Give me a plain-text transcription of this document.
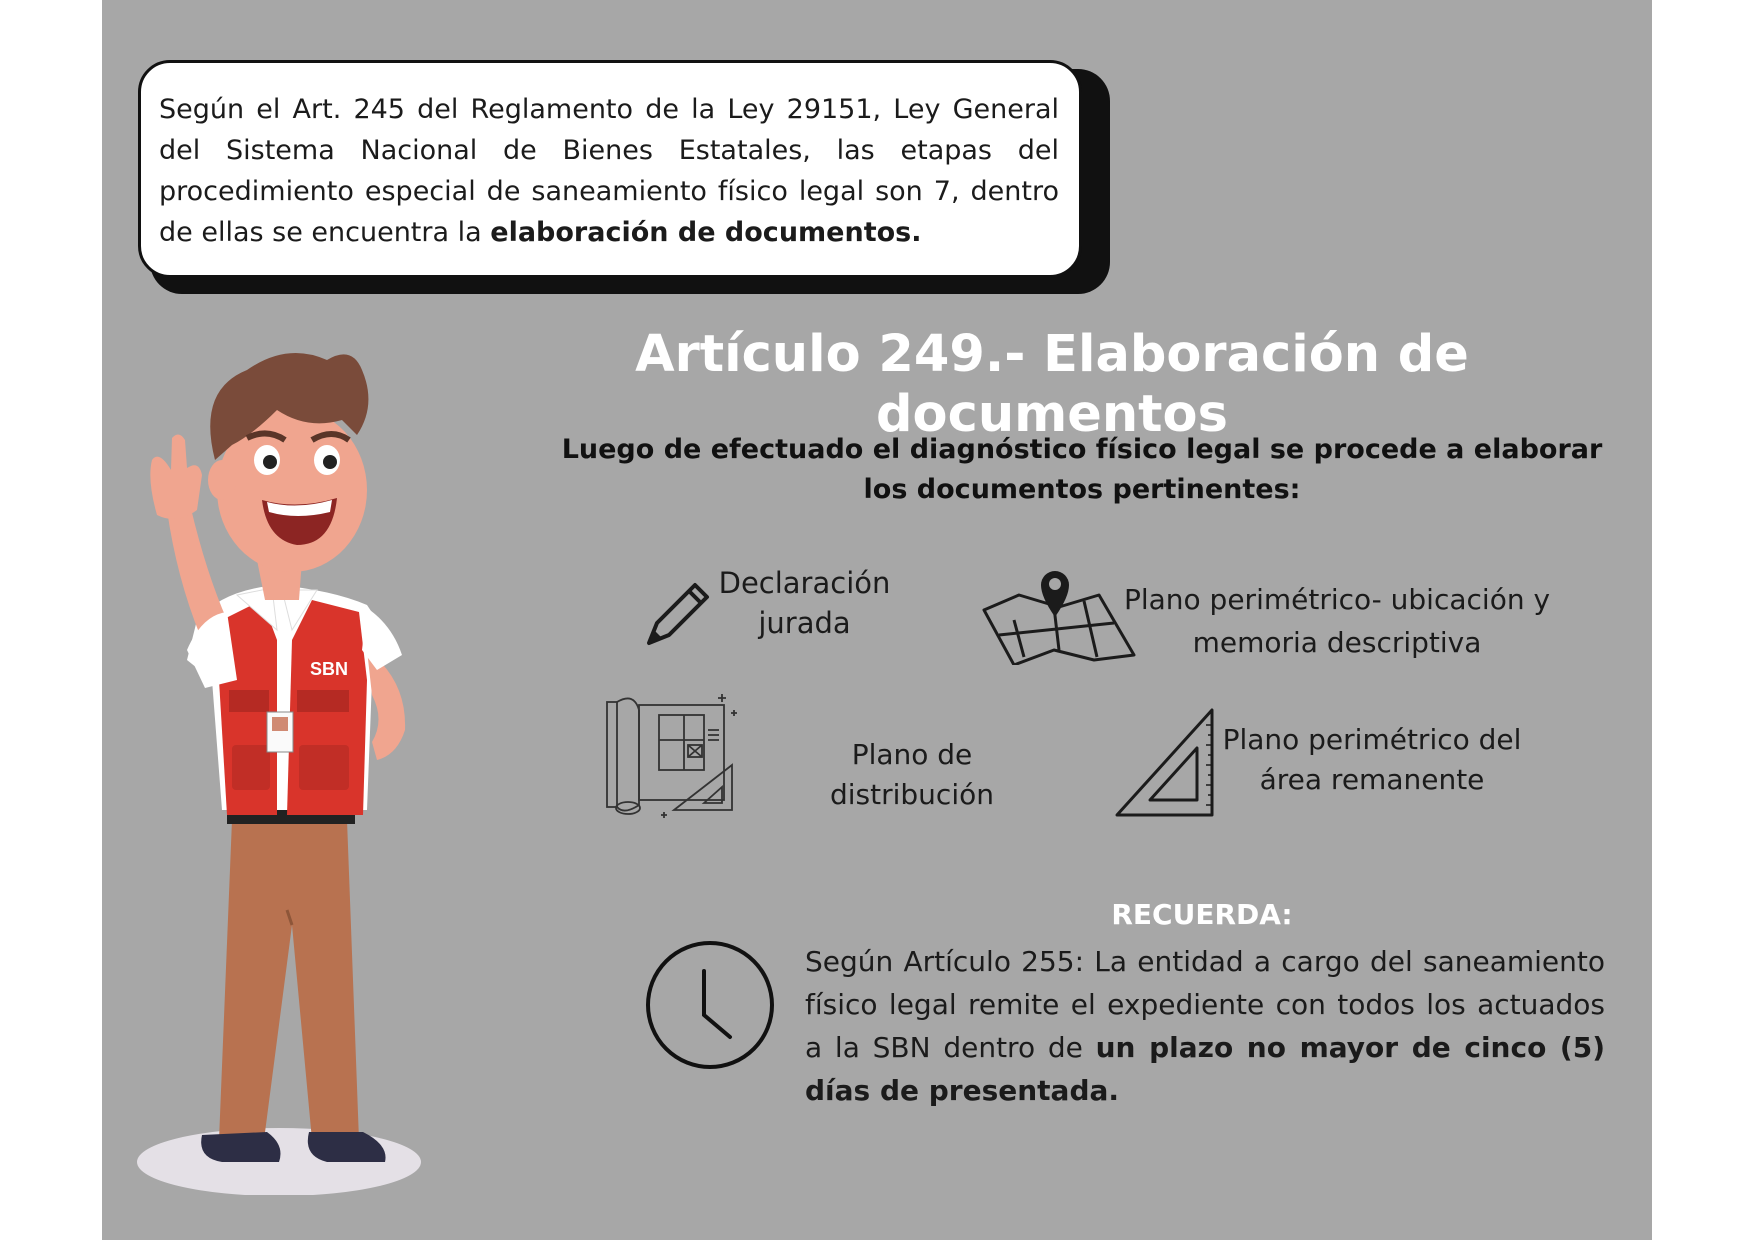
Según el Art. 245 del Reglamento de la Ley 29151, Ley General del Sistema Nacional de Bienes Estatales, las etapas del procedimiento especial de saneamiento físico legal son 7, dentro de ellas se encuentra la elaboración de documentos.
SBN
Artículo 249.- Elaboración de documentos
Luego de efectuado el diagnóstico físico legal se procede a elaborar los documentos pertinentes:
Declaración jurada
Plano perimétrico- ubicación y memoria descriptiva
Plano de distribución
Plano perimétrico del área remanente
RECUERDA:
Según Artículo 255: La entidad a cargo del saneamiento físico legal remite el expediente con todos los actuados a la SBN dentro de un plazo no mayor de cinco (5) días de presentada.
